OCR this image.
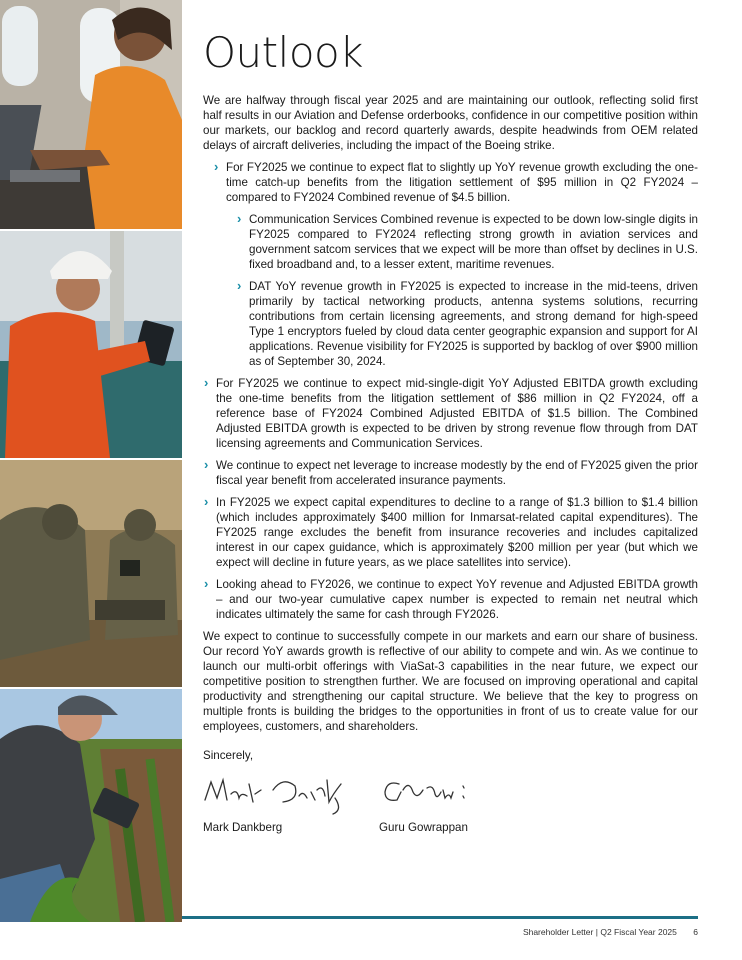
Outlook

We are halfway through fiscal year 2025 and are maintaining our outlook, reflecting solid first half results in our Aviation and Defense orderbooks, confidence in our competitive position within our markets, our backlog and record quarterly awards, despite headwinds from OEM related delays of aircraft deliveries, including the impact of the Boeing strike.

› For FY2025 we continue to expect flat to slightly up YoY revenue growth excluding the one-time catch-up benefits from the litigation settlement of $95 million in Q2 FY2024 – compared to FY2024 Combined revenue of $4.5 billion.
› Communication Services Combined revenue is expected to be down low-single digits in FY2025 compared to FY2024 reflecting strong growth in aviation services and government satcom services that we expect will be more than offset by declines in U.S. fixed broadband and, to a lesser extent, maritime revenues.
› DAT YoY revenue growth in FY2025 is expected to increase in the mid-teens, driven primarily by tactical networking products, antenna systems solutions, recurring contributions from certain licensing agreements, and strong demand for high-speed Type 1 encryptors fueled by cloud data center geographic expansion and support for AI applications. Revenue visibility for FY2025 is supported by backlog of over $900 million as of September 30, 2024.
› For FY2025 we continue to expect mid-single-digit YoY Adjusted EBITDA growth excluding the one-time benefits from the litigation settlement of $86 million in Q2 FY2024, off a reference base of FY2024 Combined Adjusted EBITDA of $1.5 billion. The Combined Adjusted EBITDA growth is expected to be driven by strong revenue flow through from DAT licensing agreements and Communication Services.
› We continue to expect net leverage to increase modestly by the end of FY2025 given the prior fiscal year benefit from accelerated insurance payments.
› In FY2025 we expect capital expenditures to decline to a range of $1.3 billion to $1.4 billion (which includes approximately $400 million for Inmarsat-related capital expenditures). The FY2025 range excludes the benefit from insurance recoveries and includes capitalized interest in our capex guidance, which is approximately $200 million per year (but which we expect will decline in future years, as we place satellites into service).
› Looking ahead to FY2026, we continue to expect YoY revenue and Adjusted EBITDA growth – and our two-year cumulative capex number is expected to remain net neutral which indicates ultimately the same for cash through FY2026.

We expect to continue to successfully compete in our markets and earn our share of business. Our record YoY awards growth is reflective of our ability to compete and win. As we continue to launch our multi-orbit offerings with ViaSat-3 capabilities in the near future, we expect our competitive position to strengthen further. We are focused on improving operational and capital productivity and strengthening our capital structure. We believe that the key to progress on multiple fronts is building the bridges to the opportunities in front of us to create value for our employees, customers, and shareholders.

Sincerely,

Mark Dankberg	Guru Gowrappan
Shareholder Letter | Q2 Fiscal Year 2025 6
